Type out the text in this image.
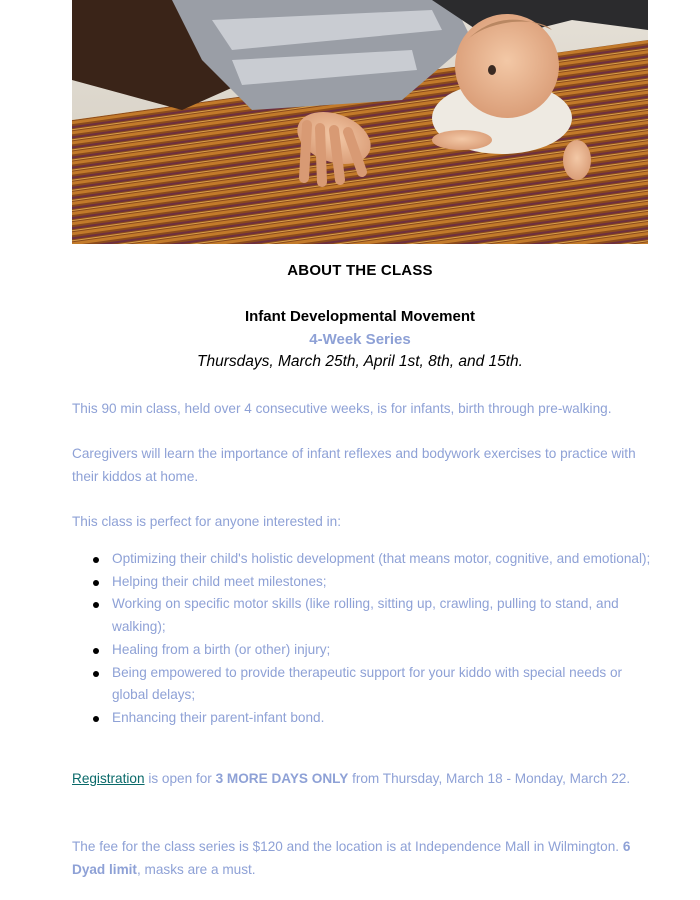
ABOUT THE CLASS
Infant Developmental Movement
4-Week Series
Thursdays, March 25th, April 1st, 8th, and 15th.
This 90 min class, held over 4 consecutive weeks, is for infants, birth through pre-walking.
Caregivers will learn the importance of infant reflexes and bodywork exercises to practice with their kiddos at home.
This class is perfect for anyone interested in:
Optimizing their child's holistic development (that means motor, cognitive, and emotional);
Helping their child meet milestones;
Working on specific motor skills (like rolling, sitting up, crawling, pulling to stand, and walking);
Healing from a birth (or other) injury;
Being empowered to provide therapeutic support for your kiddo with special needs or global delays;
Enhancing their parent-infant bond.
Registration is open for 3 MORE DAYS ONLY from Thursday, March 18 - Monday, March 22.
The fee for the class series is $120 and the location is at Independence Mall in Wilmington. 6 Dyad limit, masks are a must.
